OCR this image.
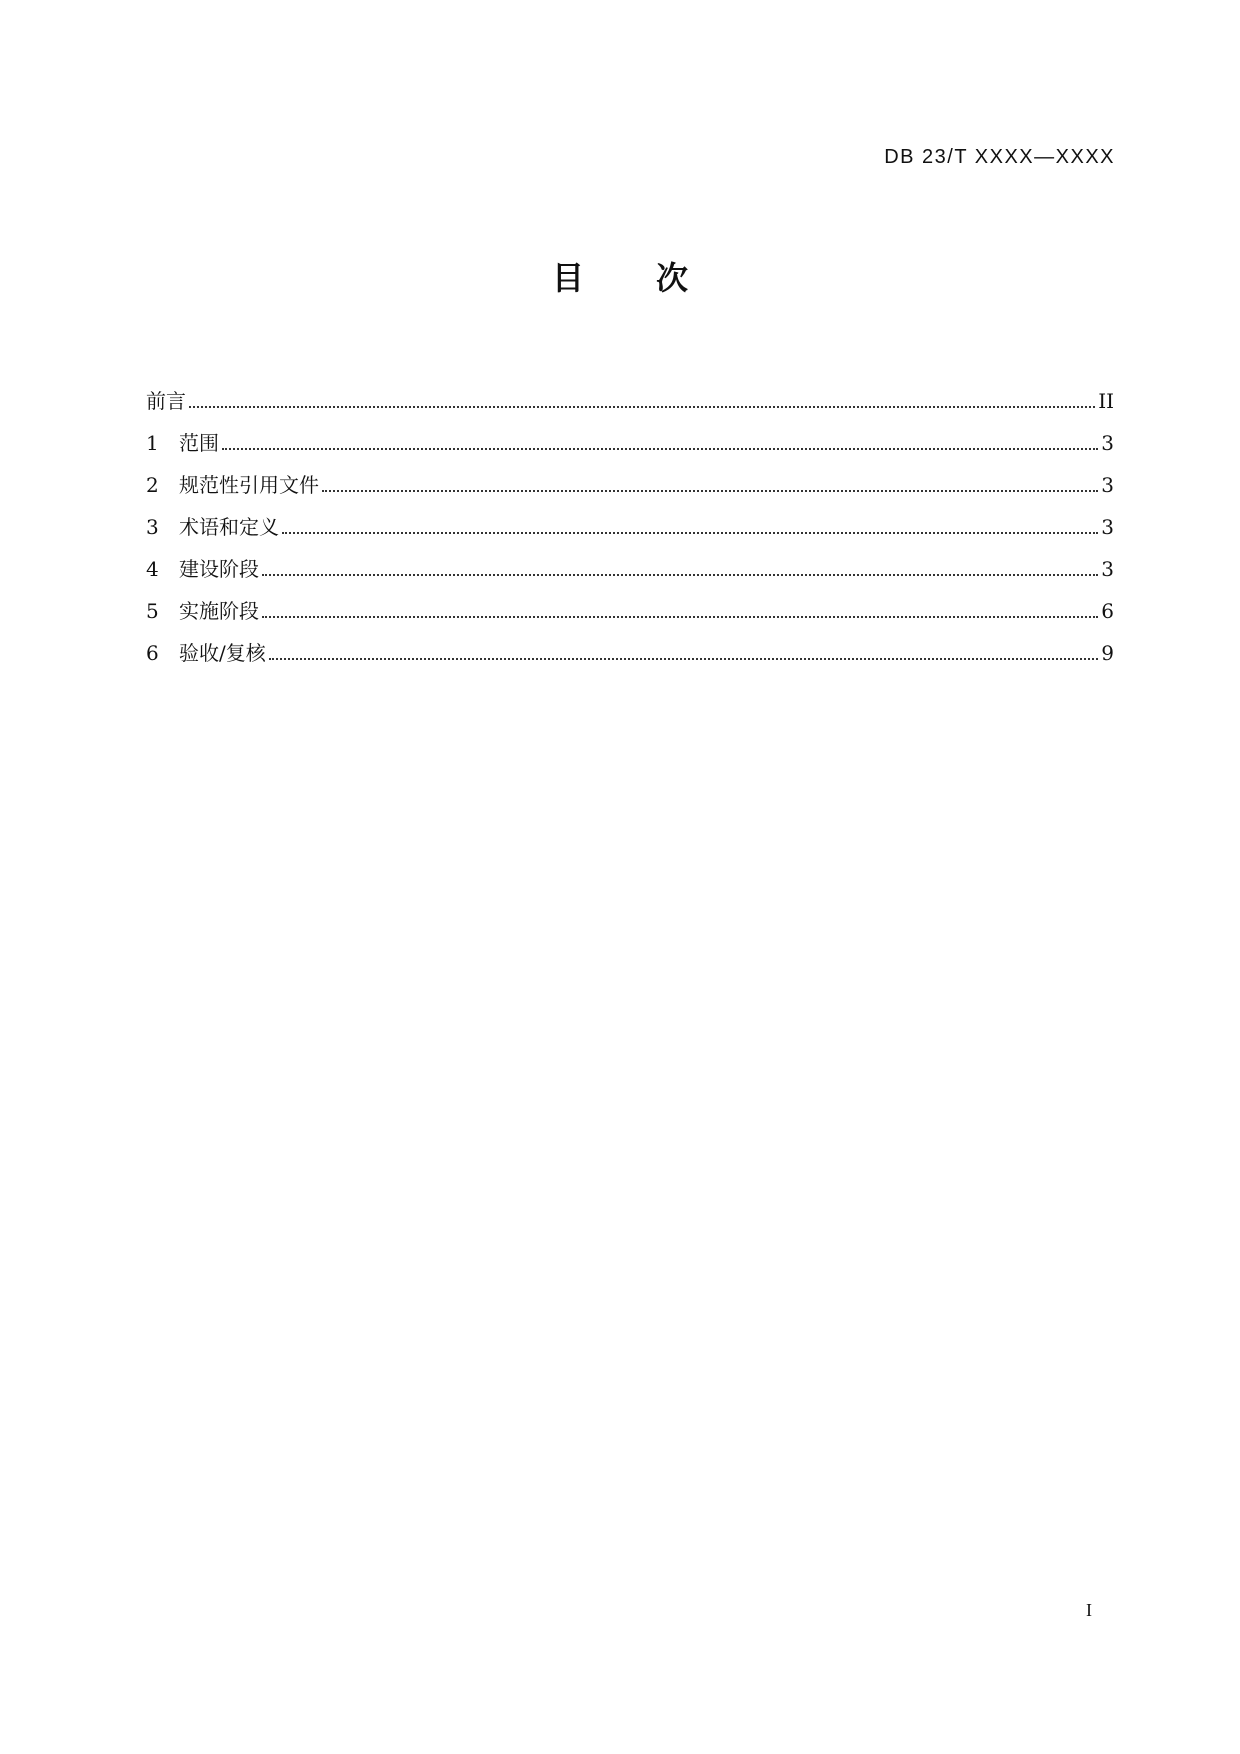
DB 23/T XXXX—XXXX
目 次
前言	II
1	范围	3
2	规范性引用文件	3
3	术语和定义	3
4	建设阶段	3
5	实施阶段	6
6	验收/复核	9
I
